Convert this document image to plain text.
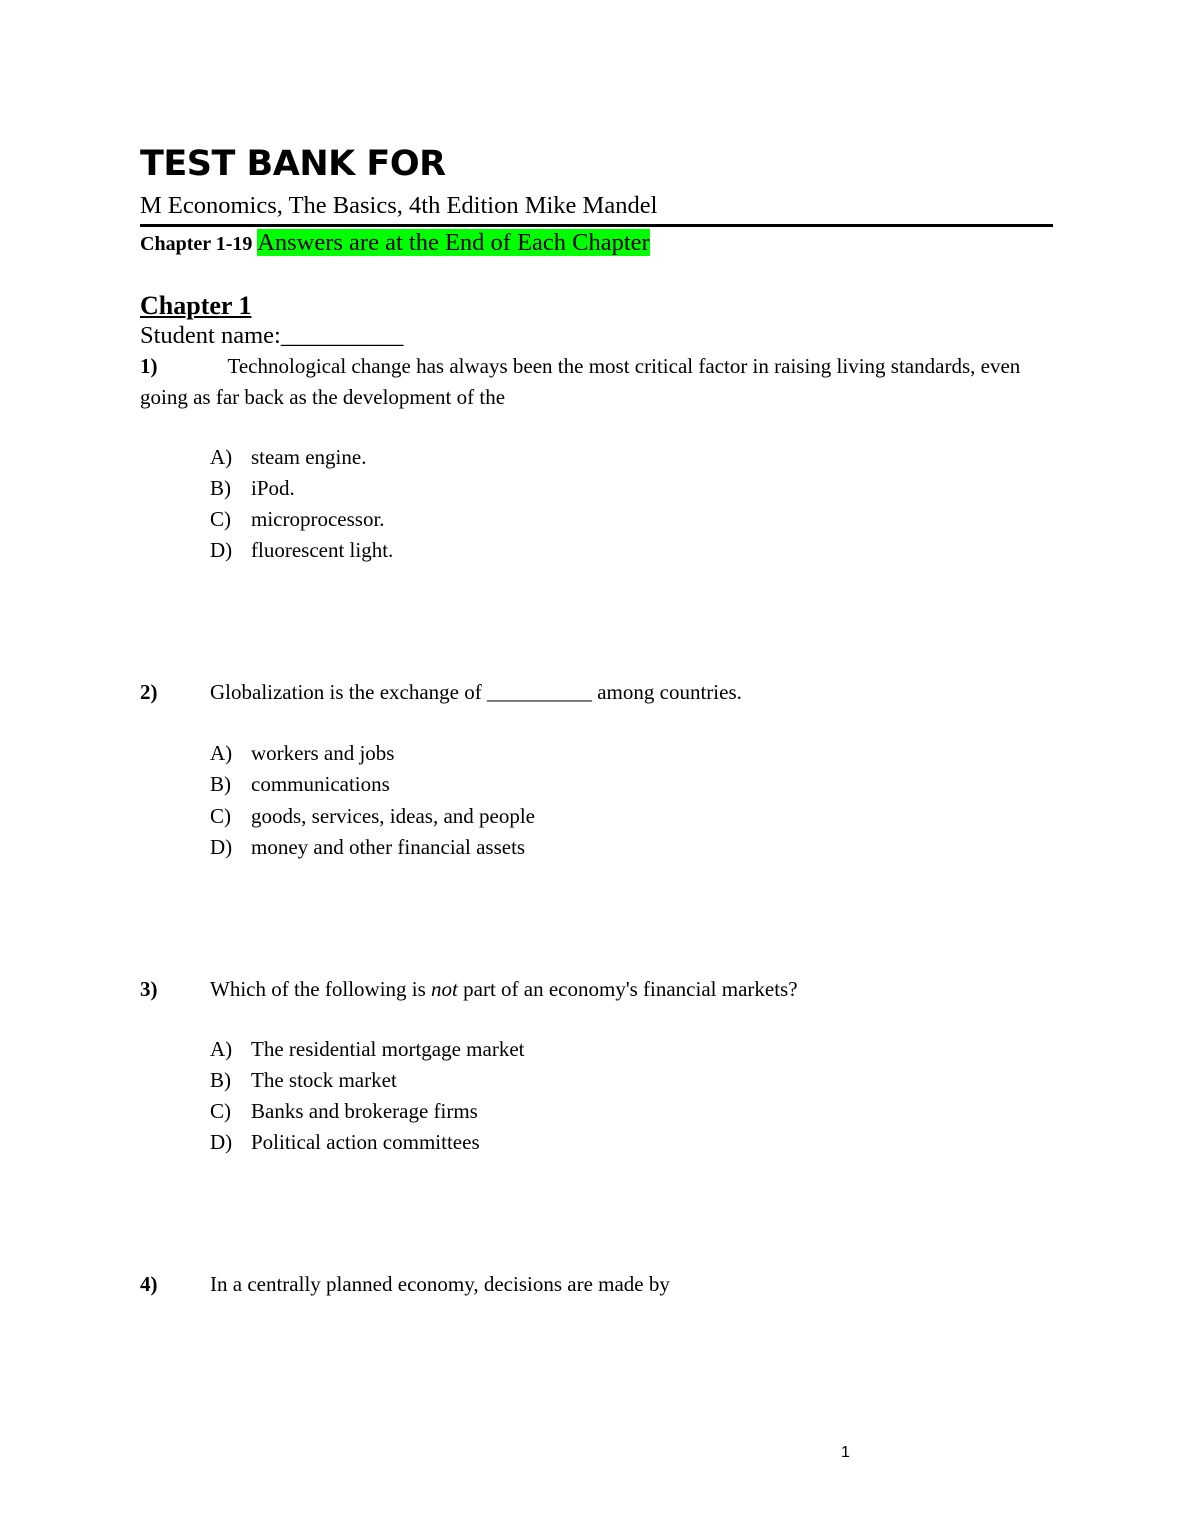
TEST BANK FOR
M Economics, The Basics, 4th Edition Mike Mandel
Chapter 1-19 Answers are at the End of Each Chapter
Chapter 1
Student name:__________
1)	Technological change has always been the most critical factor in raising living standards, even going as far back as the development of the
A) steam engine.
B) iPod.
C) microprocessor.
D) fluorescent light.
2)	Globalization is the exchange of __________ among countries.
A) workers and jobs
B) communications
C) goods, services, ideas, and people
D) money and other financial assets
3)	Which of the following is not part of an economy's financial markets?
A) The residential mortgage market
B) The stock market
C) Banks and brokerage firms
D) Political action committees
4)	In a centrally planned economy, decisions are made by
1
